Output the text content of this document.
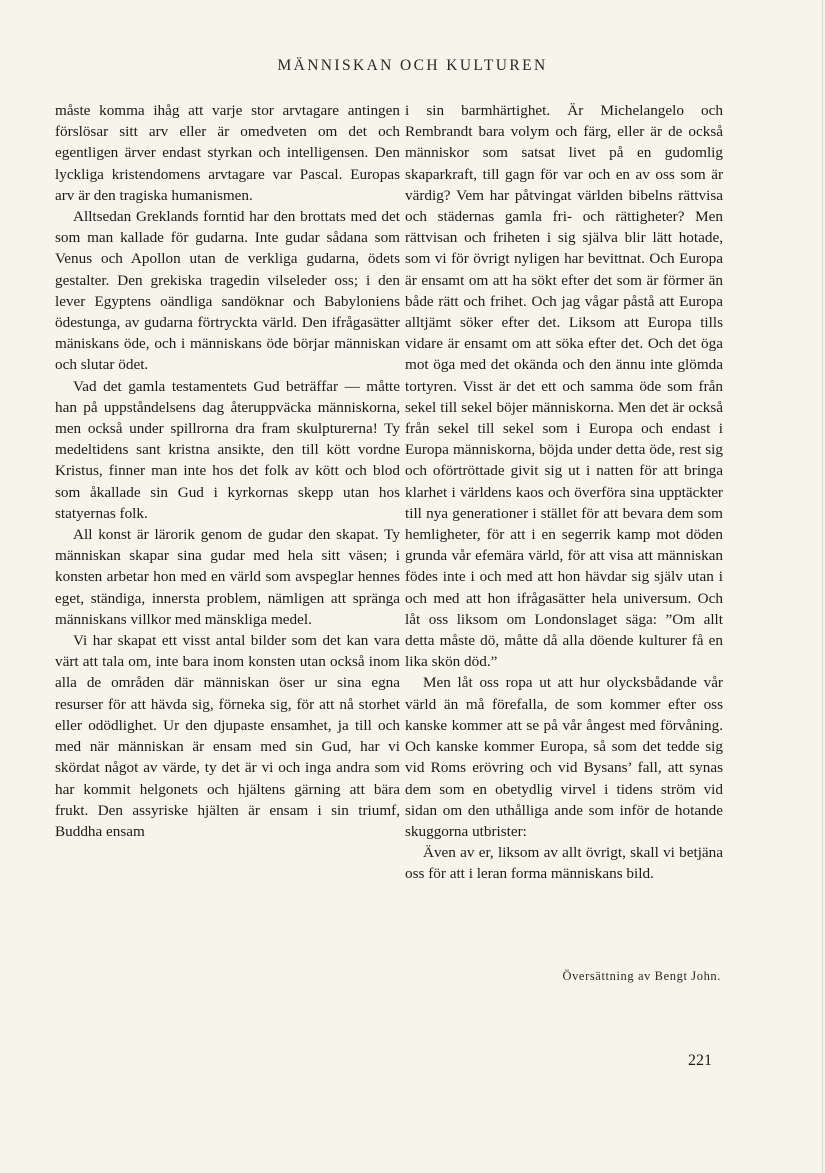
MÄNNISKAN OCH KULTUREN

måste komma ihåg att varje stor arvtagare antingen förslösar sitt arv eller är omedveten om det och egentligen ärver endast styrkan och intelligensen. Den lyckliga kristendomens arvtagare var Pascal. Europas arv är den tragiska humanismen.

Alltsedan Greklands forntid har den brottats med det som man kallade för gudarna. Inte gudar sådana som Venus och Apollon utan de verkliga gudarna, ödets gestalter. Den grekiska tragedin vilseleder oss; i den lever Egyptens oändliga sandöknar och Babyloniens ödestunga, av gudarna förtryckta värld. Den ifrågasätter mäniskans öde, och i människans öde börjar människan och slutar ödet.

Vad det gamla testamentets Gud beträffar — måtte han på uppståndelsens dag återuppväcka människorna, men också under spillrorna dra fram skulpturerna! Ty medeltidens sant kristna ansikte, den till kött vordne Kristus, finner man inte hos det folk av kött och blod som åkallade sin Gud i kyrkornas skepp utan hos statyernas folk.

All konst är lärorik genom de gudar den skapat. Ty människan skapar sina gudar med hela sitt väsen; i konsten arbetar hon med en värld som avspeglar hennes eget, ständiga, innersta problem, nämligen att spränga människans villkor med mänskliga medel.

Vi har skapat ett visst antal bilder som det kan vara värt att tala om, inte bara inom konsten utan också inom alla de områden där människan öser ur sina egna resurser för att hävda sig, förneka sig, för att nå storhet eller odödlighet. Ur den djupaste ensamhet, ja till och med när människan är ensam med sin Gud, har vi skördat något av värde, ty det är vi och inga andra som har kommit helgonets och hjältens gärning att bära frukt. Den assyriske hjälten är ensam i sin triumf, Buddha ensam

i sin barmhärtighet. Är Michelangelo och Rembrandt bara volym och färg, eller är de också människor som satsat livet på en gudomlig skaparkraft, till gagn för var och en av oss som är värdig? Vem har påtvingat världen bibelns rättvisa och städernas gamla fri- och rättigheter? Men rättvisan och friheten i sig själva blir lätt hotade, som vi för övrigt nyligen har bevittnat. Och Europa är ensamt om att ha sökt efter det som är förmer än både rätt och frihet. Och jag vågar påstå att Europa alltjämt söker efter det. Liksom att Europa tills vidare är ensamt om att söka efter det. Och det öga mot öga med det okända och den ännu inte glömda tortyren. Visst är det ett och samma öde som från sekel till sekel böjer människorna. Men det är också från sekel till sekel som i Europa och endast i Europa människorna, böjda under detta öde, rest sig och oförtröttade givit sig ut i natten för att bringa klarhet i världens kaos och överföra sina upptäckter till nya generationer i stället för att bevara dem som hemligheter, för att i en segerrik kamp mot döden grunda vår efemära värld, för att visa att människan födes inte i och med att hon hävdar sig själv utan i och med att hon ifrågasätter hela universum. Och låt oss liksom om Londonslaget säga: ”Om allt detta måste dö, måtte då alla döende kulturer få en lika skön död.”

Men låt oss ropa ut att hur olycksbådande vår värld än må förefalla, de som kommer efter oss kanske kommer att se på vår ångest med förvåning. Och kanske kommer Europa, så som det tedde sig vid Roms erövring och vid Bysans’ fall, att synas dem som en obetydlig virvel i tidens ström vid sidan om den uthålliga ande som inför de hotande skuggorna utbrister:

Även av er, liksom av allt övrigt, skall vi betjäna oss för att i leran forma människans bild.

Översättning av Bengt John.
221
